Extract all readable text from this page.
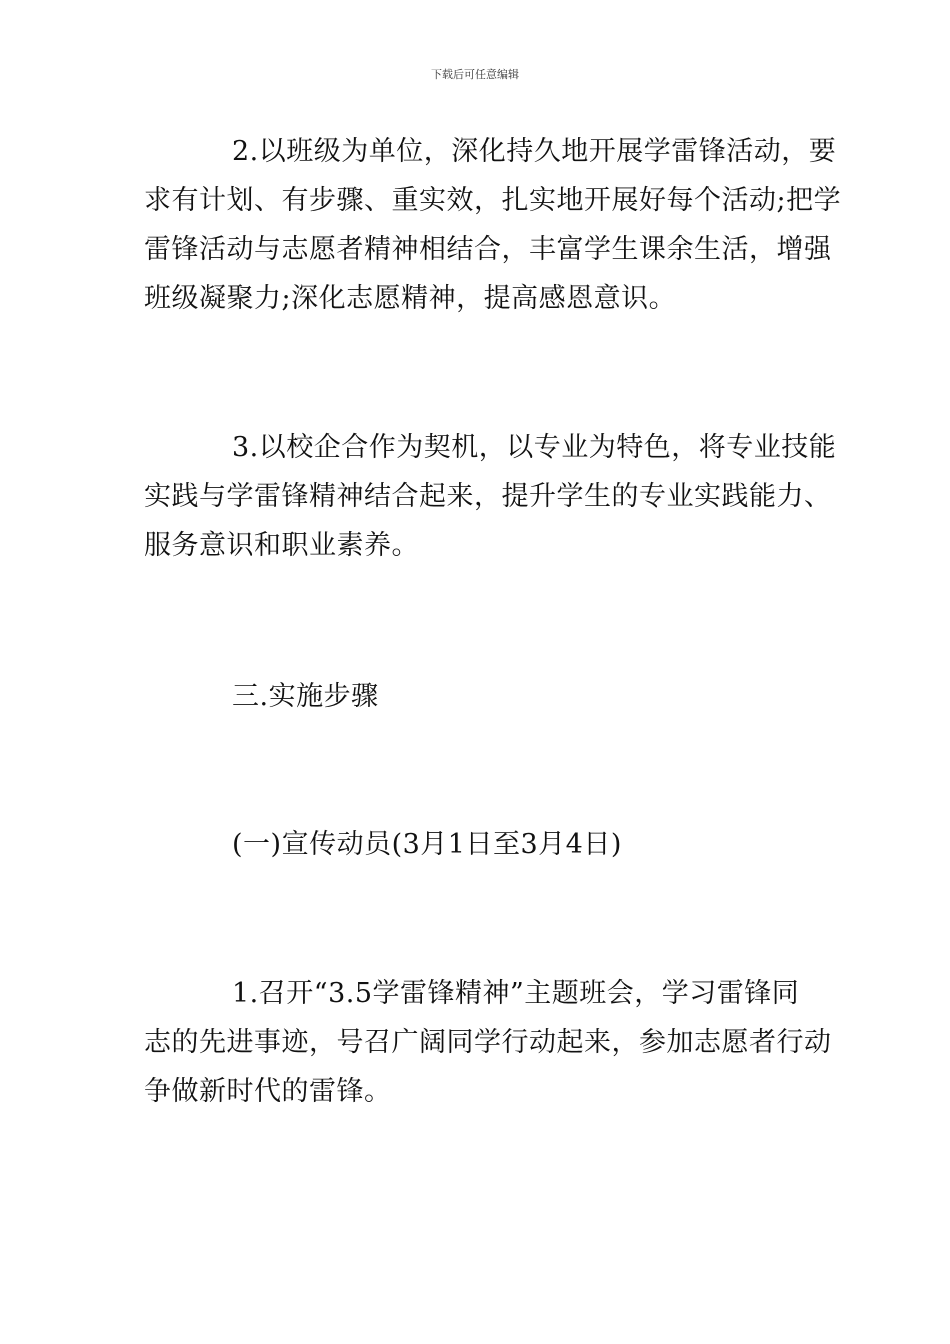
下载后可任意编辑
2.以班级为单位，深化持久地开展学雷锋活动，要
求有计划、有步骤、重实效，扎实地开展好每个活动;把学
雷锋活动与志愿者精神相结合，丰富学生课余生活，增强
班级凝聚力;深化志愿精神，提高感恩意识。
3.以校企合作为契机，以专业为特色，将专业技能
实践与学雷锋精神结合起来，提升学生的专业实践能力、
服务意识和职业素养。
三.实施步骤
(一)宣传动员(3月1日至3月4日)
1.召开“3.5学雷锋精神”主题班会，学习雷锋同
志的先进事迹，号召广阔同学行动起来，参加志愿者行动
争做新时代的雷锋。
